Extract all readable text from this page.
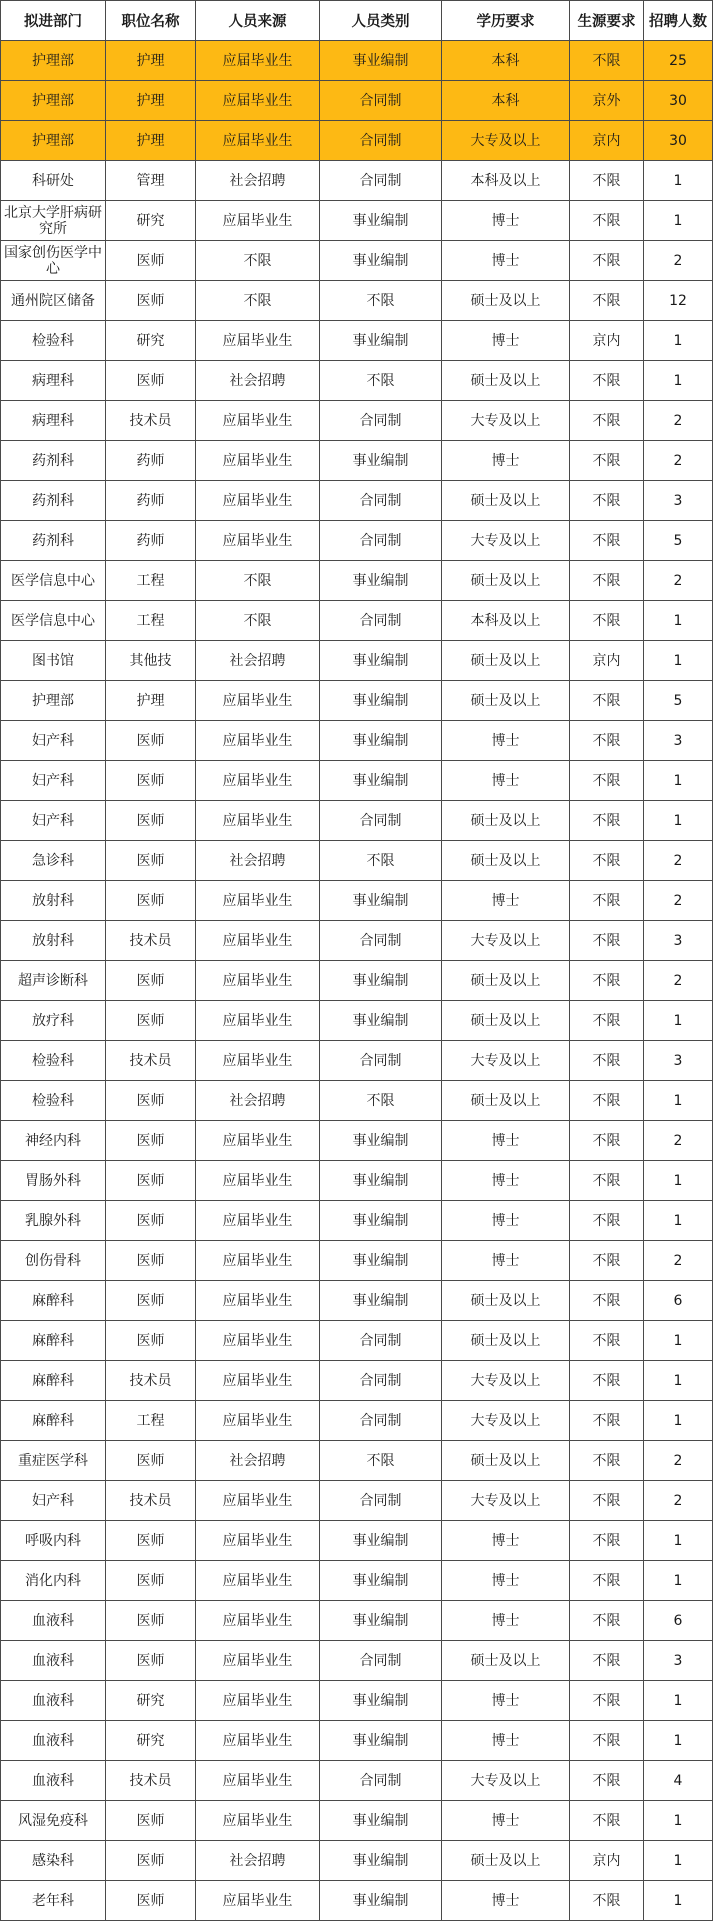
拟进部门	职位名称	人员来源	人员类别	学历要求	生源要求	招聘人数
护理部	护理	应届毕业生	事业编制	本科	不限	25
护理部	护理	应届毕业生	合同制	本科	京外	30
护理部	护理	应届毕业生	合同制	大专及以上	京内	30
科研处	管理	社会招聘	合同制	本科及以上	不限	1
北京大学肝病研究所	研究	应届毕业生	事业编制	博士	不限	1
国家创伤医学中心	医师	不限	事业编制	博士	不限	2
通州院区储备	医师	不限	不限	硕士及以上	不限	12
检验科	研究	应届毕业生	事业编制	博士	京内	1
病理科	医师	社会招聘	不限	硕士及以上	不限	1
病理科	技术员	应届毕业生	合同制	大专及以上	不限	2
药剂科	药师	应届毕业生	事业编制	博士	不限	2
药剂科	药师	应届毕业生	合同制	硕士及以上	不限	3
药剂科	药师	应届毕业生	合同制	大专及以上	不限	5
医学信息中心	工程	不限	事业编制	硕士及以上	不限	2
医学信息中心	工程	不限	合同制	本科及以上	不限	1
图书馆	其他技	社会招聘	事业编制	硕士及以上	京内	1
护理部	护理	应届毕业生	事业编制	硕士及以上	不限	5
妇产科	医师	应届毕业生	事业编制	博士	不限	3
妇产科	医师	应届毕业生	事业编制	博士	不限	1
妇产科	医师	应届毕业生	合同制	硕士及以上	不限	1
急诊科	医师	社会招聘	不限	硕士及以上	不限	2
放射科	医师	应届毕业生	事业编制	博士	不限	2
放射科	技术员	应届毕业生	合同制	大专及以上	不限	3
超声诊断科	医师	应届毕业生	事业编制	硕士及以上	不限	2
放疗科	医师	应届毕业生	事业编制	硕士及以上	不限	1
检验科	技术员	应届毕业生	合同制	大专及以上	不限	3
检验科	医师	社会招聘	不限	硕士及以上	不限	1
神经内科	医师	应届毕业生	事业编制	博士	不限	2
胃肠外科	医师	应届毕业生	事业编制	博士	不限	1
乳腺外科	医师	应届毕业生	事业编制	博士	不限	1
创伤骨科	医师	应届毕业生	事业编制	博士	不限	2
麻醉科	医师	应届毕业生	事业编制	硕士及以上	不限	6
麻醉科	医师	应届毕业生	合同制	硕士及以上	不限	1
麻醉科	技术员	应届毕业生	合同制	大专及以上	不限	1
麻醉科	工程	应届毕业生	合同制	大专及以上	不限	1
重症医学科	医师	社会招聘	不限	硕士及以上	不限	2
妇产科	技术员	应届毕业生	合同制	大专及以上	不限	2
呼吸内科	医师	应届毕业生	事业编制	博士	不限	1
消化内科	医师	应届毕业生	事业编制	博士	不限	1
血液科	医师	应届毕业生	事业编制	博士	不限	6
血液科	医师	应届毕业生	合同制	硕士及以上	不限	3
血液科	研究	应届毕业生	事业编制	博士	不限	1
血液科	研究	应届毕业生	事业编制	博士	不限	1
血液科	技术员	应届毕业生	合同制	大专及以上	不限	4
风湿免疫科	医师	应届毕业生	事业编制	博士	不限	1
感染科	医师	社会招聘	事业编制	硕士及以上	京内	1
老年科	医师	应届毕业生	事业编制	博士	不限	1
